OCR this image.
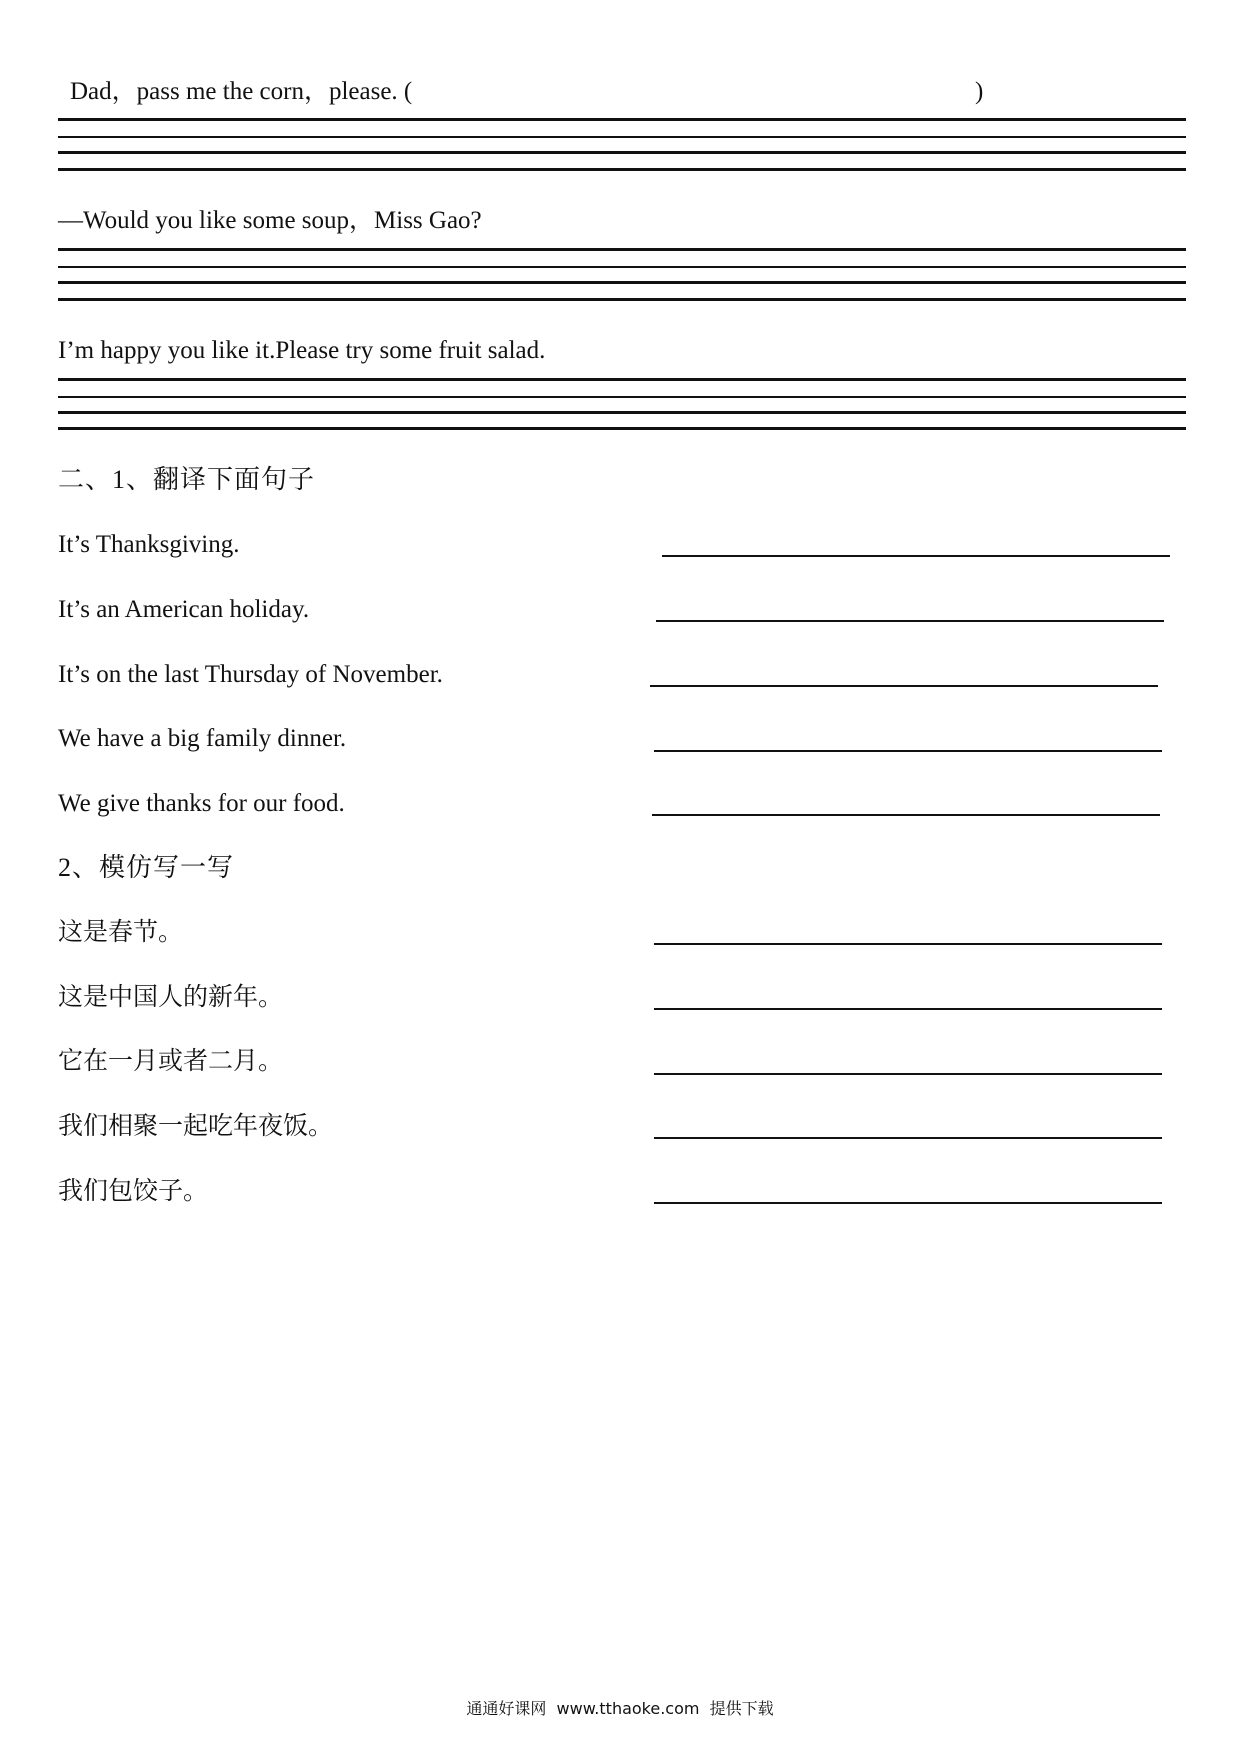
Dad，pass me the corn，please. (	)
—Would you like some soup，Miss Gao?
I’m happy you like it.Please try some fruit salad.
二、1、翻译下面句子
It’s Thanksgiving.
It’s an American holiday.
It’s on the last Thursday of November.
We have a big family dinner.
We give thanks for our food.
2、模仿写一写
这是春节。
这是中国人的新年。
它在一月或者二月。
我们相聚一起吃年夜饭。
我们包饺子。
通通好课网  www.tthaoke.com  提供下载
